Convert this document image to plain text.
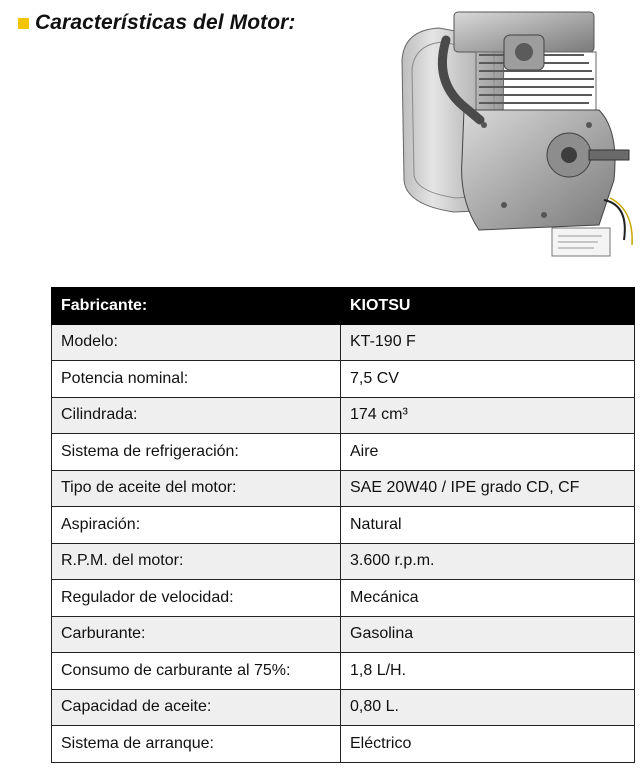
Características del Motor:
Fabricante:	KIOTSU
Modelo:	KT-190 F
Potencia nominal:	7,5 CV
Cilindrada:	174 cm³
Sistema de refrigeración:	Aire
Tipo de aceite del motor:	SAE 20W40 / IPE grado CD, CF
Aspiración:	Natural
R.P.M. del motor:	3.600 r.p.m.
Regulador de velocidad:	Mecánica
Carburante:	Gasolina
Consumo de carburante al 75%:	1,8 L/H.
Capacidad de aceite:	0,80 L.
Sistema de arranque:	Eléctrico
